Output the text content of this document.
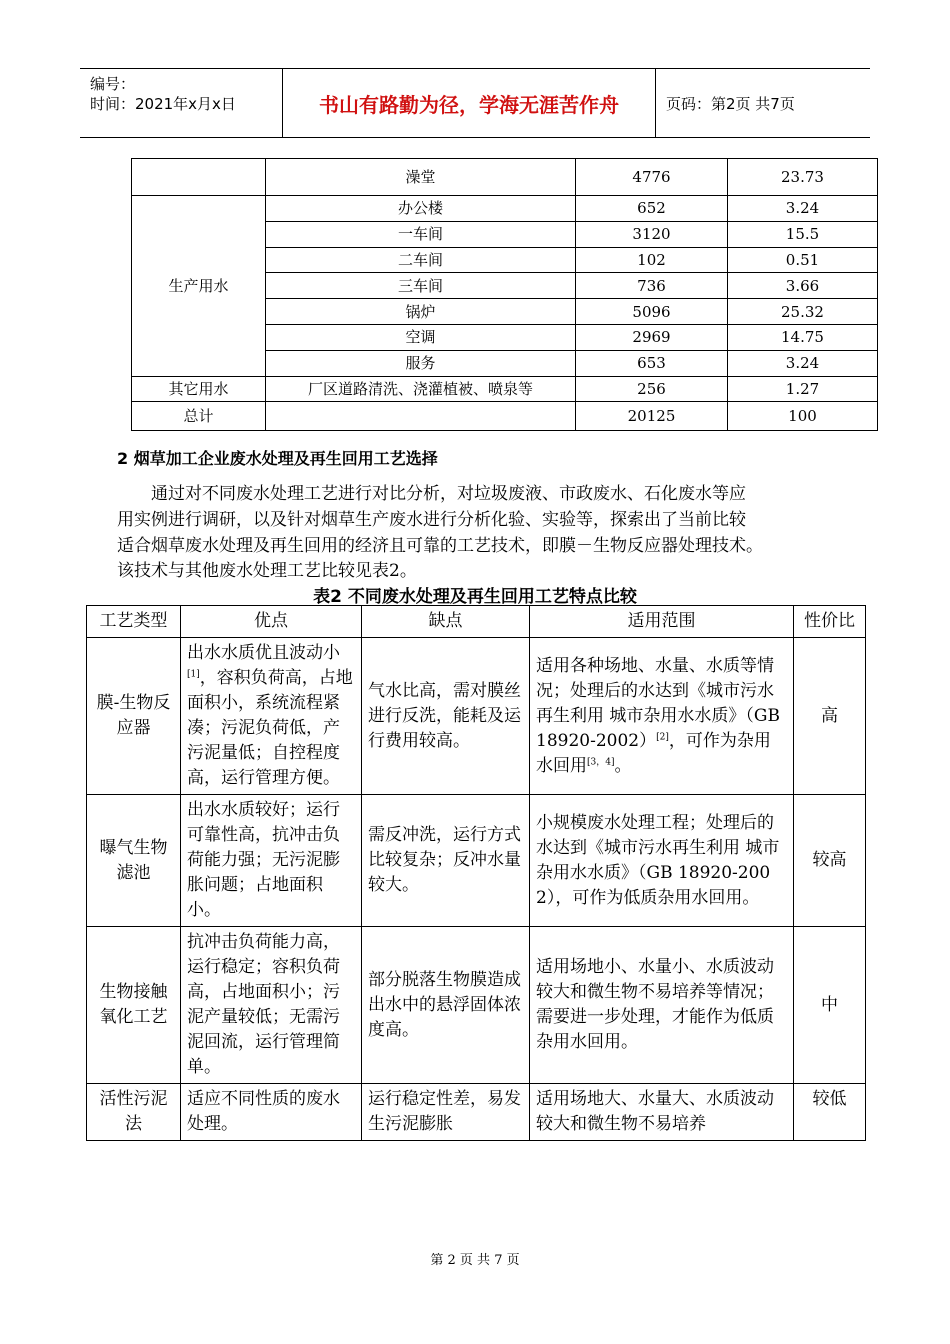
编号：
时间：2021年x月x日	书山有路勤为径，学海无涯苦作舟	页码：第2页 共7页
	澡堂	4776	23.73
生产用水	办公楼	652	3.24
	一车间	3120	15.5
	二车间	102	0.51
	三车间	736	3.66
	锅炉	5096	25.32
	空调	2969	14.75
	服务	653	3.24
其它用水	厂区道路清洗、浇灌植被、喷泉等	256	1.27
总计		20125	100
2 烟草加工企业废水处理及再生回用工艺选择
通过对不同废水处理工艺进行对比分析，对垃圾废液、市政废水、石化废水等应
用实例进行调研，以及针对烟草生产废水进行分析化验、实验等，探索出了当前比较
适合烟草废水处理及再生回用的经济且可靠的工艺技术，即膜－生物反应器处理技术。
该技术与其他废水处理工艺比较见表2。
表2 不同废水处理及再生回用工艺特点比较
工艺类型	优点	缺点	适用范围	性价比
膜-生物反应器	出水水质优且波动小[1]，容积负荷高，占地面积小，系统流程紧凑；污泥负荷低，产污泥量低；自控程度高，运行管理方便。	气水比高，需对膜丝进行反洗，能耗及运行费用较高。	适用各种场地、水量、水质等情况；处理后的水达到《城市污水再生利用 城市杂用水水质》（GB 18920-2002）[2]，可作为杂用水回用[3，4]。	高
曝气生物滤池	出水水质较好；运行可靠性高，抗冲击负荷能力强；无污泥膨胀问题；占地面积小。	需反冲洗，运行方式比较复杂；反冲水量较大。	小规模废水处理工程；处理后的水达到《城市污水再生利用 城市杂用水水质》（GB 18920-2002），可作为低质杂用水回用。	较高
生物接触氧化工艺	抗冲击负荷能力高，运行稳定；容积负荷高，占地面积小；污泥产量较低；无需污泥回流，运行管理简单。	部分脱落生物膜造成出水中的悬浮固体浓度高。	适用场地小、水量小、水质波动较大和微生物不易培养等情况；需要进一步处理，才能作为低质杂用水回用。	中
活性污泥法	适应不同性质的废水处理。	运行稳定性差，易发生污泥膨胀	适用场地大、水量大、水质波动较大和微生物不易培养	较低
第 2 页 共 7 页
